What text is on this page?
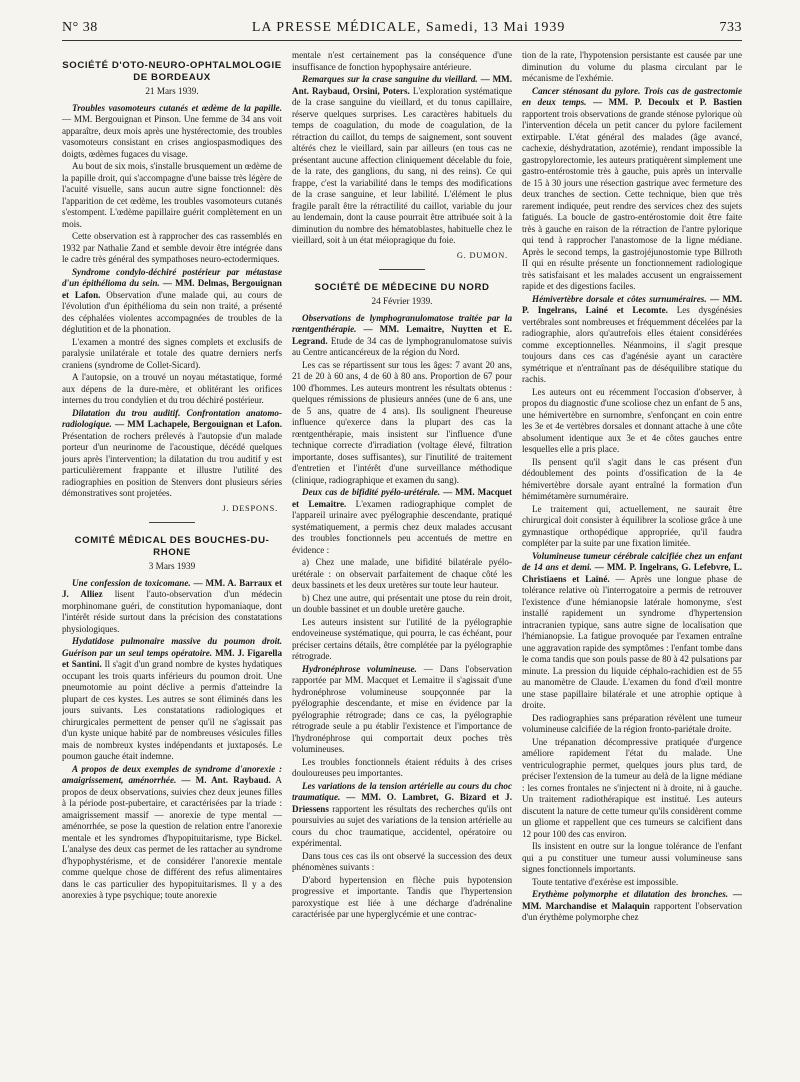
N° 38	LA PRESSE MÉDICALE, Samedi, 13 Mai 1939	733
SOCIÉTÉ D'OTO-NEURO-OPHTALMOLOGIE DE BORDEAUX
21 Mars 1939.

Troubles vasomoteurs cutanés et œdème de la papille. — MM. Bergouignan et Pinson. Une femme de 34 ans voit apparaître, deux mois après une hystérectomie, des troubles vasomoteurs consistant en crises angiospasmodiques des doigts, œdèmes fugaces du visage.

Au bout de six mois, s'installe brusquement un œdème de la papille droit, qui s'accompagne d'une baisse très légère de l'acuité visuelle, sans aucun autre signe fonctionnel: dès l'apparition de cet œdème, les troubles vasomoteurs cutanés s'estompent. L'œdème papillaire guérit complètement en un mois.

Cette observation est à rapprocher des cas rassemblés en 1932 par Nathalie Zand et semble devoir être intégrée dans le cadre très général des sympathoses neuro-ectodermiques.

Syndrome condylo-déchiré postérieur par métastase d'un épithélioma du sein. — MM. Delmas, Bergouignan et Lafon. Observation d'une malade qui, au cours de l'évolution d'un épithélioma du sein non traité, a présenté des céphalées violentes accompagnées de troubles de la déglutition et de la phonation.

L'examen a montré des signes complets et exclusifs de paralysie unilatérale et totale des quatre derniers nerfs craniens (syndrome de Collet-Sicard).

A l'autopsie, on a trouvé un noyau métastatique, formé aux dépens de la dure-mère, et oblitérant les orifices internes du trou condylien et du trou déchiré postérieur.

Dilatation du trou auditif. Confrontation anatomo-radiologique. — MM Lachapele, Bergouignan et Lafon. Présentation de rochers prélevés à l'autopsie d'un malade porteur d'un neurinome de l'acoustique, décédé quelques jours après l'intervention; la dilatation du trou auditif y est particulièrement frappante et illustre l'utilité des radiographies en position de Stenvers dont plusieurs séries démonstratives sont projetées.

J. DESPONS.
COMITÉ MÉDICAL DES BOUCHES-DU-RHONE
3 Mars 1939

Une confession de toxicomane. — MM. A. Barraux et J. Alliez lisent l'auto-observation d'un médecin morphinomane guéri, de constitution hypomaniaque, dont l'intérêt réside surtout dans la précision des constatations physiologiques.

Hydatidose pulmonaire massive du poumon droit. Guérison par un seul temps opératoire. MM. J. Figarella et Santini. Il s'agit d'un grand nombre de kystes hydatiques occupant les trois quarts inférieurs du poumon droit. Une pneumotomie au point déclive a permis d'atteindre la plupart de ces kystes. Les autres se sont éliminés dans les jours suivants. Les constatations radiologiques et chirurgicales permettent de penser qu'il ne s'agissait pas d'un kyste unique habité par de nombreuses vésicules filles mais de nombreux kystes indépendants et juxtaposés. Le poumon gauche était indemne.

A propos de deux exemples de syndrome d'anorexie : amaigrissement, aménorrhée. — M. Ant. Raybaud. A propos de deux observations, suivies chez deux jeunes filles à la période post-pubertaire, et caractérisées par la triade : amaigrissement massif — anorexie de type mental — aménorrhée, se pose la question de relation entre l'anorexie mentale et les syndromes d'hypopituitarisme, type Bickel. L'analyse des deux cas permet de les rattacher au syndrome d'hypophystérisme, et de considérer l'anorexie mentale comme quelque chose de différent des refus alimentaires dans le cas particulier des hypopituitarismes. Il y a des anorexies à type psychique; toute anorexie

mentale n'est certainement pas la conséquence d'une insuffisance de fonction hypophysaire antérieure.

Remarques sur la crase sanguine du vieillard. — MM. Ant. Raybaud, Orsini, Poters. L'exploration systématique de la crase sanguine du vieillard, et du tonus capillaire, réserve quelques surprises. Les caractères habituels du temps de coagulation, du mode de coagulation, de la rétraction du caillot, du temps de saignement, sont souvent altérés chez le vieillard, sain par ailleurs (en tous cas ne présentant aucune affection cliniquement décelable du foie, de la rate, des ganglions, du sang, ni des reins). Ce qui frappe, c'est la variabilité dans le temps des modifications de la crase sanguine, et leur labilité. L'élément le plus fragile paraît être la rétractilité du caillot, variable du jour au lendemain, dont la cause pourrait être attribuée soit à la diminution du nombre des hématoblastes, habituelle chez le vieillard, soit à un état méiopragique du foie.

G. DUMON.
SOCIÉTÉ DE MÉDECINE DU NORD
24 Février 1939.

Observations de lymphogranulomatose traitée par la rœntgenthérapie. — MM. Lemaitre, Nuytten et E. Legrand. Etude de 34 cas de lymphogranulomatose suivis au Centre anticancéreux de la région du Nord.

Les cas se répartissent sur tous les âges: 7 avant 20 ans, 21 de 20 à 60 ans, 4 de 60 à 80 ans. Proportion de 67 pour 100 d'hommes. Les auteurs montrent les résultats obtenus : quelques rémissions de plusieurs années (une de 6 ans, une de 5 ans, quatre de 4 ans). Ils soulignent l'heureuse influence qu'exerce dans la plupart des cas la rœntgenthérapie, mais insistent sur l'influence d'une technique correcte d'irradiation (voltage élevé, filtration importante, doses suffisantes), sur l'inutilité de traitement d'entretien et l'intérêt d'une surveillance méthodique (clinique, radiographique et examen du sang).

Deux cas de bifidité pyélo-urétérale. — MM. Macquet et Lemaitre. L'examen radiographique complet de l'appareil urinaire avec pyélographie descendante, pratiqué systématiquement, a permis chez deux malades accusant des troubles fonctionnels peu accentués de mettre en évidence :

a) Chez une malade, une bifidité bilatérale pyélo-urétérale : on observait parfaitement de chaque côté les deux bassinets et les deux uretères sur toute leur hauteur.

b) Chez une autre, qui présentait une ptose du rein droit, un double bassinet et un double uretère gauche.

Les auteurs insistent sur l'utilité de la pyélographie endoveineuse systématique, qui pourra, le cas échéant, pour préciser certains détails, être complétée par la pyélographie rétrograde.

Hydronéphrose volumineuse. — Dans l'observation rapportée par MM. Macquet et Lemaitre il s'agissait d'une hydronéphrose volumineuse soupçonnée par la pyélographie descendante, et mise en évidence par la pyélographie rétrograde; dans ce cas, la pyélographie rétrograde seule a pu établir l'existence et l'importance de l'hydronéphrose qui comportait deux poches très volumineuses.

Les troubles fonctionnels étaient réduits à des crises douloureuses peu importantes.

Les variations de la tension artérielle au cours du choc traumatique. — MM. O. Lambret, G. Bizard et J. Driessens rapportent les résultats des recherches qu'ils ont poursuivies au sujet des variations de la tension artérielle au cours du choc traumatique, accidentel, opératoire ou expérimental.

Dans tous ces cas ils ont observé la succession des deux phénomènes suivants :

D'abord hypertension en flèche puis hypotension progressive et importante. Tandis que l'hypertension paroxystique est liée à une décharge d'adrénaline caractérisée par une hyperglycémie et une contrac-

tion de la rate, l'hypotension persistante est causée par une diminution du volume du plasma circulant par le mécanisme de l'exhémie.

Cancer sténosant du pylore. Trois cas de gastrectomie en deux temps. — MM. P. Decoulx et P. Bastien rapportent trois observations de grande sténose pylorique où l'intervention décela un petit cancer du pylore facilement extirpable. L'état général des malades (âge avancé, cachexie, déshydratation, azotémie), rendant impossible la gastropylorectomie, les auteurs pratiquèrent simplement une gastro-entérostomie très à gauche, puis après un intervalle de 15 à 30 jours une résection gastrique avec fermeture des deux tranches de section. Cette technique, bien que très rarement indiquée, peut rendre des services chez des sujets fatigués. La boucle de gastro-entérostomie doit être faite très à gauche en raison de la rétraction de l'antre pylorique qui tend à rapprocher l'anastomose de la ligne médiane. Après le second temps, la gastrojéjunostomie type Billroth II qui en résulte présente un fonctionnement radiologique très satisfaisant et les malades accusent un engraissement rapide et des digestions faciles.

Hémivertèbre dorsale et côtes surnuméraires. — MM. P. Ingelrans, Lainé et Lecomte. Les dysgénésies vertébrales sont nombreuses et fréquemment décelées par la radiographie, alors qu'autrefois elles étaient considérées comme exceptionnelles. Néanmoins, il s'agit presque toujours dans ces cas d'agénésie ayant un caractère symétrique et n'entraînant pas de déséquilibre statique du rachis.

Les auteurs ont eu récemment l'occasion d'observer, à propos du diagnostic d'une scoliose chez un enfant de 5 ans, une hémivertèbre en surnombre, s'enfonçant en coin entre les 3e et 4e vertèbres dorsales et donnant attache à une côte absolument identique aux 3e et 4e côtes gauches entre lesquelles elle a pris place.

Ils pensent qu'il s'agit dans le cas présent d'un dédoublement des points d'ossification de la 4e hémivertèbre dorsale ayant entraîné la formation d'un hémimétamère surnuméraire.

Le traitement qui, actuellement, ne saurait être chirurgical doit consister à équilibrer la scoliose grâce à une gymnastique orthopédique appropriée, qu'il faudra compléter par la suite par une fixation limitée.

Volumineuse tumeur cérébrale calcifiée chez un enfant de 14 ans et demi. — MM. P. Ingelrans, G. Lefebvre, L. Christiaens et Lainé. — Après une longue phase de tolérance relative où l'interrogatoire a permis de retrouver l'existence d'une hémianopsie latérale homonyme, s'est installé rapidement un syndrome d'hypertension intracranien typique, sans autre signe de localisation que l'hémianopsie. La fatigue provoquée par l'examen entraîne une aggravation rapide des symptômes : l'enfant tombe dans le coma tandis que son pouls passe de 80 à 42 pulsations par minute. La pression du liquide céphalo-rachidien est de 55 au manomètre de Claude. L'examen du fond d'œil montre une stase papillaire bilatérale et une atrophie optique à droite.

Des radiographies sans préparation révèlent une tumeur volumineuse calcifiée de la région fronto-pariétale droite.

Une trépanation décompressive pratiquée d'urgence améliore rapidement l'état du malade. Une ventriculographie permet, quelques jours plus tard, de préciser l'extension de la tumeur au delà de la ligne médiane : les cornes frontales ne s'injectent ni à droite, ni à gauche. Un traitement radiothérapique est institué. Les auteurs discutent la nature de cette tumeur qu'ils considèrent comme un gliome et rappellent que ces tumeurs se calcifient dans 12 pour 100 des cas environ.

Ils insistent en outre sur la longue tolérance de l'enfant qui a pu constituer une tumeur aussi volumineuse sans signes fonctionnels importants.

Toute tentative d'exérèse est impossible.

Erythème polymorphe et dilatation des bronches. — MM. Marchandise et Malaquin rapportent l'observation d'un érythème polymorphe chez
